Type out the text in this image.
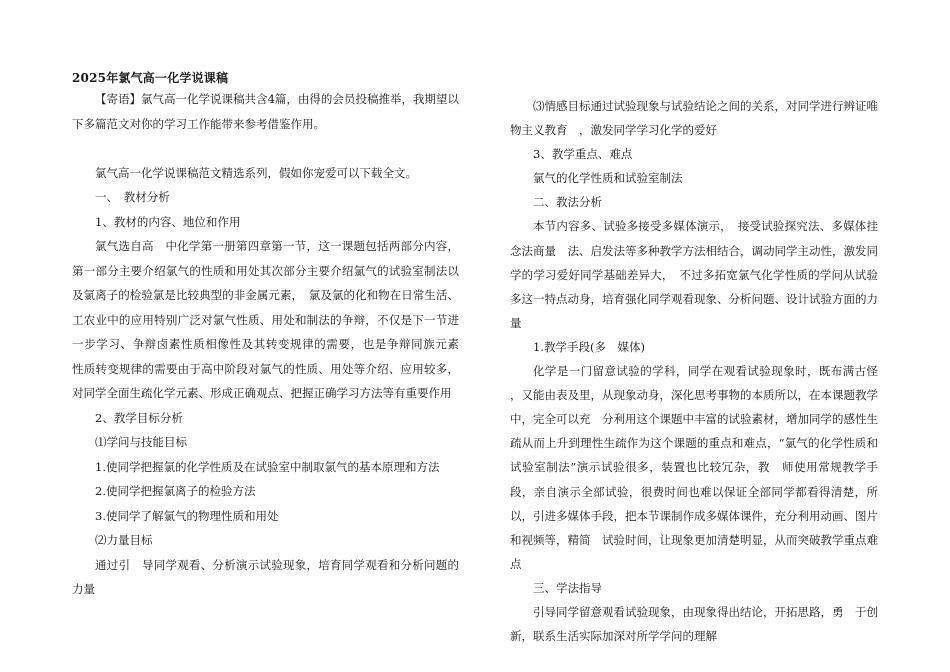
2025年氯气高一化学说课稿

【寄语】氯气高一化学说课稿共含4篇，由得的会员投稿推举，我期望以下多篇范文对你的学习工作能带来参考借鉴作用。

氯气高一化学说课稿范文精选系列，假如你宠爱可以下载全文。

一、　教材分析

1、教材的内容、地位和作用

氯气选自高　中化学第一册第四章第一节，这一课题包括两部分内容，第一部分主要介绍氯气的性质和用处其次部分主要介绍氯气的试验室制法以及氯离子的检验氯是比较典型的非金属元素，　氯及氯的化和物在日常生活、工农业中的应用特别广泛对氯气性质、用处和制法的争辩，不仅是下一节进一步学习、争辩卤素性质相像性及其转变规律的需要，也是争辩同族元素　性质转变规律的需要由于高中阶段对氯气的性质、用处等介绍、应用较多，对同学全面生疏化学元素、形成正确观点、把握正确学习方法等有重要作用

2、教学目标分析

⑴学问与技能目标

1.使同学把握氯的化学性质及在试验室中制取氯气的基本原理和方法

2.使同学把握氯离子的检验方法

3.使同学了解氯气的物理性质和用处

⑵力量目标

通过引　导同学观看、分析演示试验现象，培育同学观看和分析问题的力量

⑶情感目标通过试验现象与试验结论之间的关系，对同学进行辨证唯物主义教育　，激发同学学习化学的爱好

3、教学重点、难点

氯气的化学性质和试验室制法

二、教法分析

本节内容多、试验多接受多媒体演示，　接受试验探究法、多媒体挂念法商量　法、启发法等多种教学方法相结合，调动同学主动性，激发同学的学习爱好同学基础差异大，　不过多拓宽氯气化学性质的学问从试验多这一特点动身，培育强化同学观看现象、分析问题、设计试验方面的力量

1.教学手段(多　媒体)

化学是一门留意试验的学科，同学在观看试验现象时，既布满古怪　　，又能由表及里，从现象动身，深化思考事物的本质所以，在本课题教学中，完全可以充　分利用这个课题中丰富的试验素材，增加同学的感性生疏从而上升到理性生疏作为这个课题的重点和难点，“氯气的化学性质和试验室制法”演示试验很多，装置也比较冗杂，教　师使用常规教学手段，亲自演示全部试验，很费时间也难以保证全部同学都看得清楚，所以，引进多媒体手段，把本节课制作成多媒体课件，充分利用动画、图片和视频等，精简　试验时间，让现象更加清楚明显，从而突破教学重点难点

三、学法指导

引导同学留意观看试验现象，由现象得出结论，开拓思路，勇　于创新，联系生活实际加深对所学学问的理解
